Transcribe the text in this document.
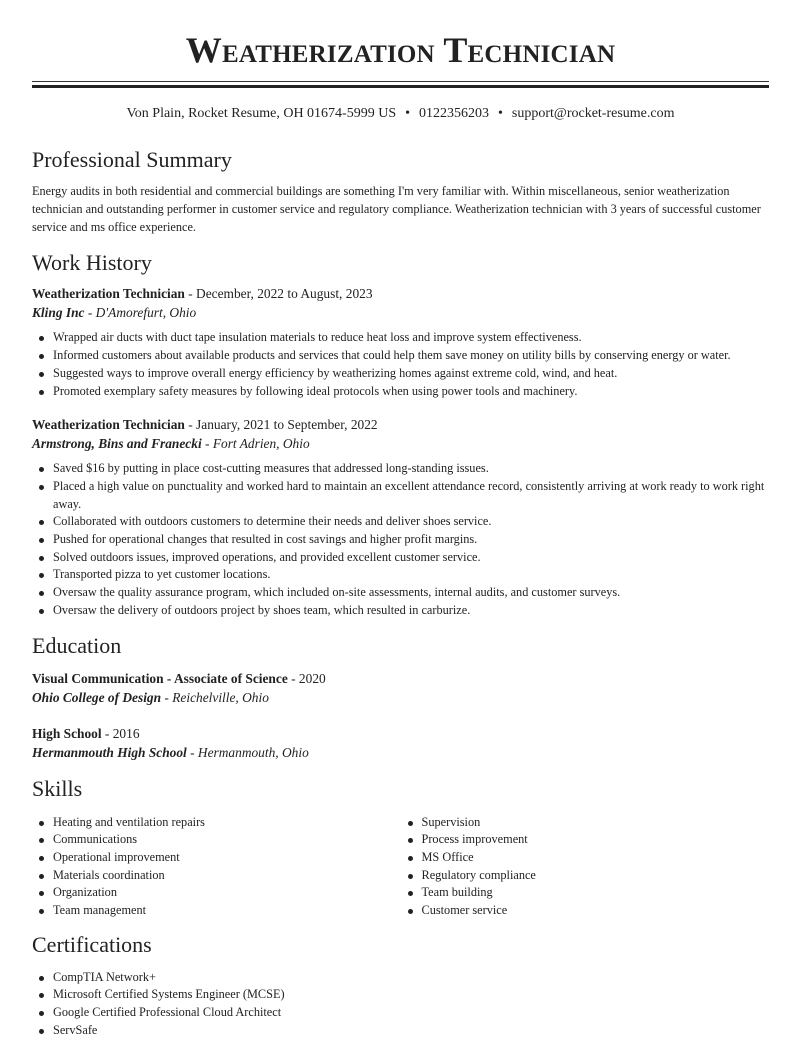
Weatherization Technician
Von Plain, Rocket Resume, OH 01674-5999 US • 0122356203 • support@rocket-resume.com
Professional Summary

Energy audits in both residential and commercial buildings are something I'm very familiar with. Within miscellaneous, senior weatherization technician and outstanding performer in customer service and regulatory compliance. Weatherization technician with 3 years of successful customer service and ms office experience.

Work History
Weatherization Technician - December, 2022 to August, 2023
Kling Inc - D'Amorefurt, Ohio
Wrapped air ducts with duct tape insulation materials to reduce heat loss and improve system effectiveness.
Informed customers about available products and services that could help them save money on utility bills by conserving energy or water.
Suggested ways to improve overall energy efficiency by weatherizing homes against extreme cold, wind, and heat.
Promoted exemplary safety measures by following ideal protocols when using power tools and machinery.
Weatherization Technician - January, 2021 to September, 2022
Armstrong, Bins and Franecki - Fort Adrien, Ohio
Saved $16 by putting in place cost-cutting measures that addressed long-standing issues.
Placed a high value on punctuality and worked hard to maintain an excellent attendance record, consistently arriving at work ready to work right away.
Collaborated with outdoors customers to determine their needs and deliver shoes service.
Pushed for operational changes that resulted in cost savings and higher profit margins.
Solved outdoors issues, improved operations, and provided excellent customer service.
Transported pizza to yet customer locations.
Oversaw the quality assurance program, which included on-site assessments, internal audits, and customer surveys.
Oversaw the delivery of outdoors project by shoes team, which resulted in carburize.
Education
Visual Communication - Associate of Science - 2020
Ohio College of Design - Reichelville, Ohio
High School - 2016
Hermanmouth High School - Hermanmouth, Ohio
Skills
Heating and ventilation repairs
Communications
Operational improvement
Materials coordination
Organization
Team management
Supervision
Process improvement
MS Office
Regulatory compliance
Team building
Customer service
Certifications
CompTIA Network+
Microsoft Certified Systems Engineer (MCSE)
Google Certified Professional Cloud Architect
ServSafe
